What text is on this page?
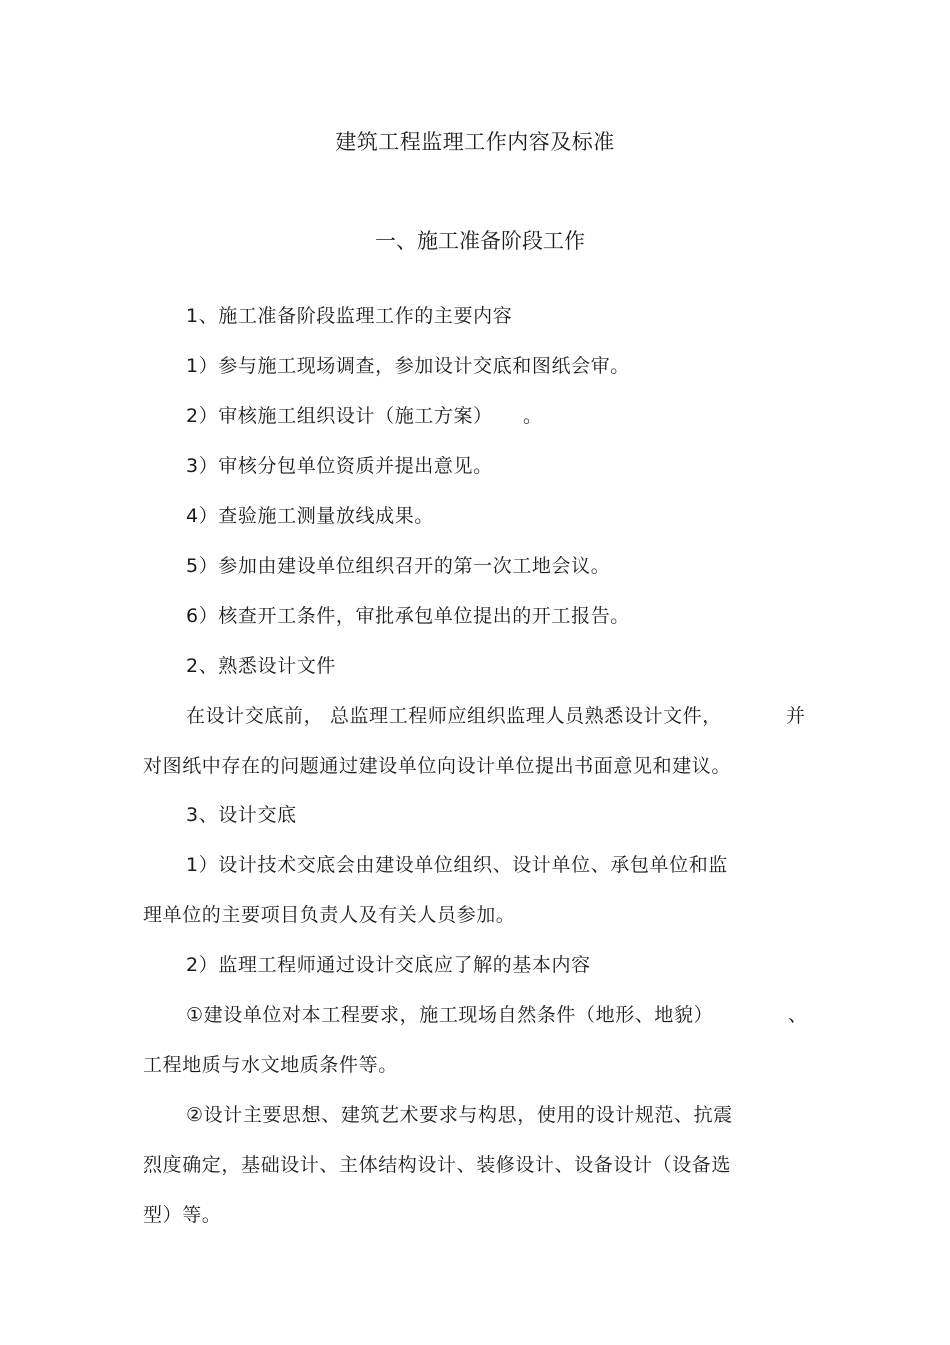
建筑工程监理工作内容及标准
一、施工准备阶段工作
1、施工准备阶段监理工作的主要内容
1）参与施工现场调查，参加设计交底和图纸会审。
2）审核施工组织设计（施工方案） 。
3）审核分包单位资质并提出意见。
4）查验施工测量放线成果。
5）参加由建设单位组织召开的第一次工地会议。
6）核查开工条件，审批承包单位提出的开工报告。
2、熟悉设计文件
在设计交底前， 总监理工程师应组织监理人员熟悉设计文件，	并
对图纸中存在的问题通过建设单位向设计单位提出书面意见和建议。
3、设计交底
1）设计技术交底会由建设单位组织、设计单位、承包单位和监
理单位的主要项目负责人及有关人员参加。
2）监理工程师通过设计交底应了解的基本内容
①建设单位对本工程要求，施工现场自然条件（地形、地貌）	、
工程地质与水文地质条件等。
②设计主要思想、建筑艺术要求与构思，使用的设计规范、抗震
烈度确定，基础设计、主体结构设计、装修设计、设备设计（设备选
型）等。
